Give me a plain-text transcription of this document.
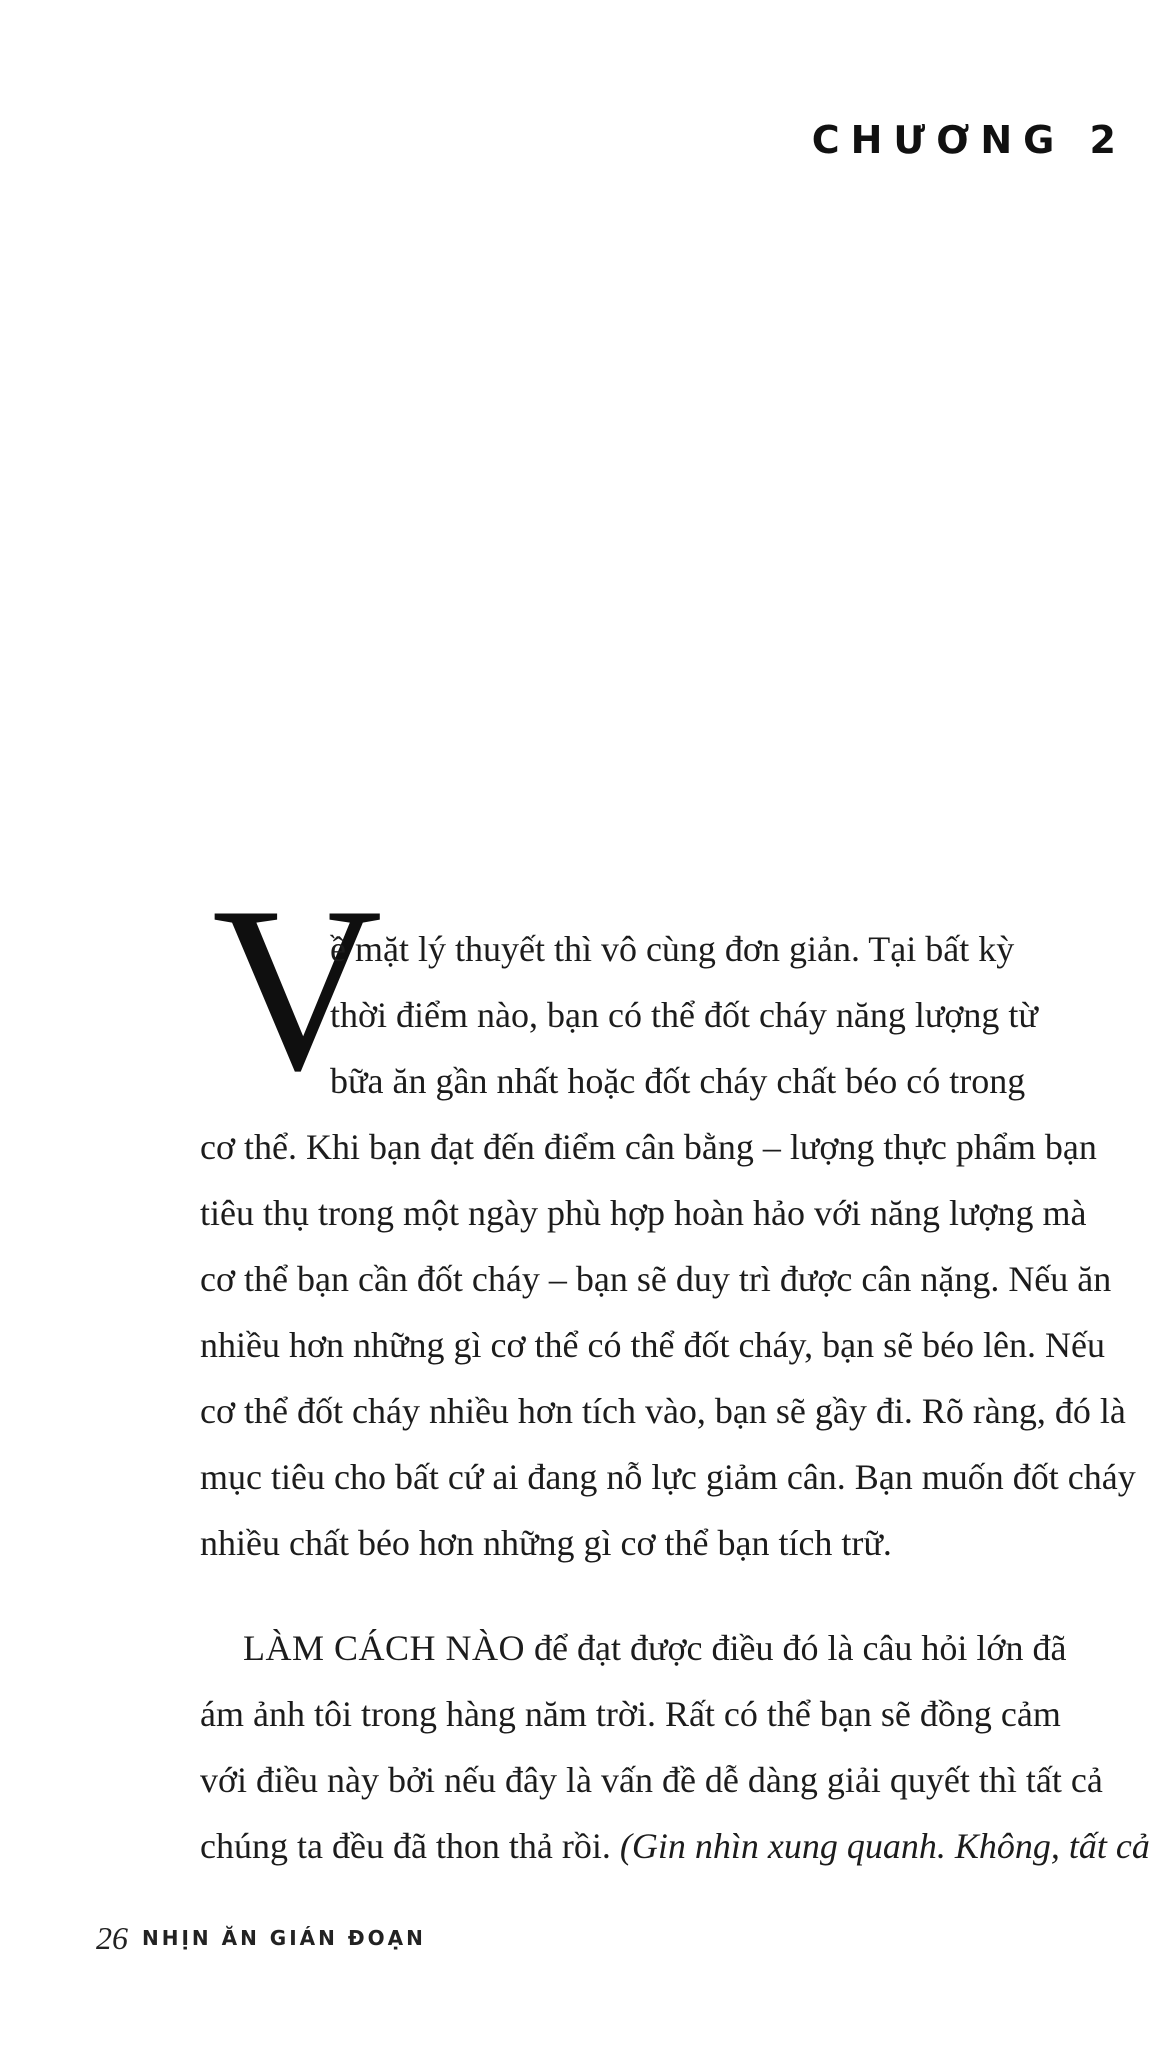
CHƯƠNG 2
V
ề mặt lý thuyết thì vô cùng đơn giản. Tại bất kỳ
thời điểm nào, bạn có thể đốt cháy năng lượng từ
bữa ăn gần nhất hoặc đốt cháy chất béo có trong
cơ thể. Khi bạn đạt đến điểm cân bằng – lượng thực phẩm bạn
tiêu thụ trong một ngày phù hợp hoàn hảo với năng lượng mà
cơ thể bạn cần đốt cháy – bạn sẽ duy trì được cân nặng. Nếu ăn
nhiều hơn những gì cơ thể có thể đốt cháy, bạn sẽ béo lên. Nếu
cơ thể đốt cháy nhiều hơn tích vào, bạn sẽ gầy đi. Rõ ràng, đó là
mục tiêu cho bất cứ ai đang nỗ lực giảm cân. Bạn muốn đốt cháy
nhiều chất béo hơn những gì cơ thể bạn tích trữ.
LÀM CÁCH NÀO để đạt được điều đó là câu hỏi lớn đã
ám ảnh tôi trong hàng năm trời. Rất có thể bạn sẽ đồng cảm
với điều này bởi nếu đây là vấn đề dễ dàng giải quyết thì tất cả
chúng ta đều đã thon thả rồi. (Gin nhìn xung quanh. Không, tất cả
26 NHỊN ĂN GIÁN ĐOẠN
